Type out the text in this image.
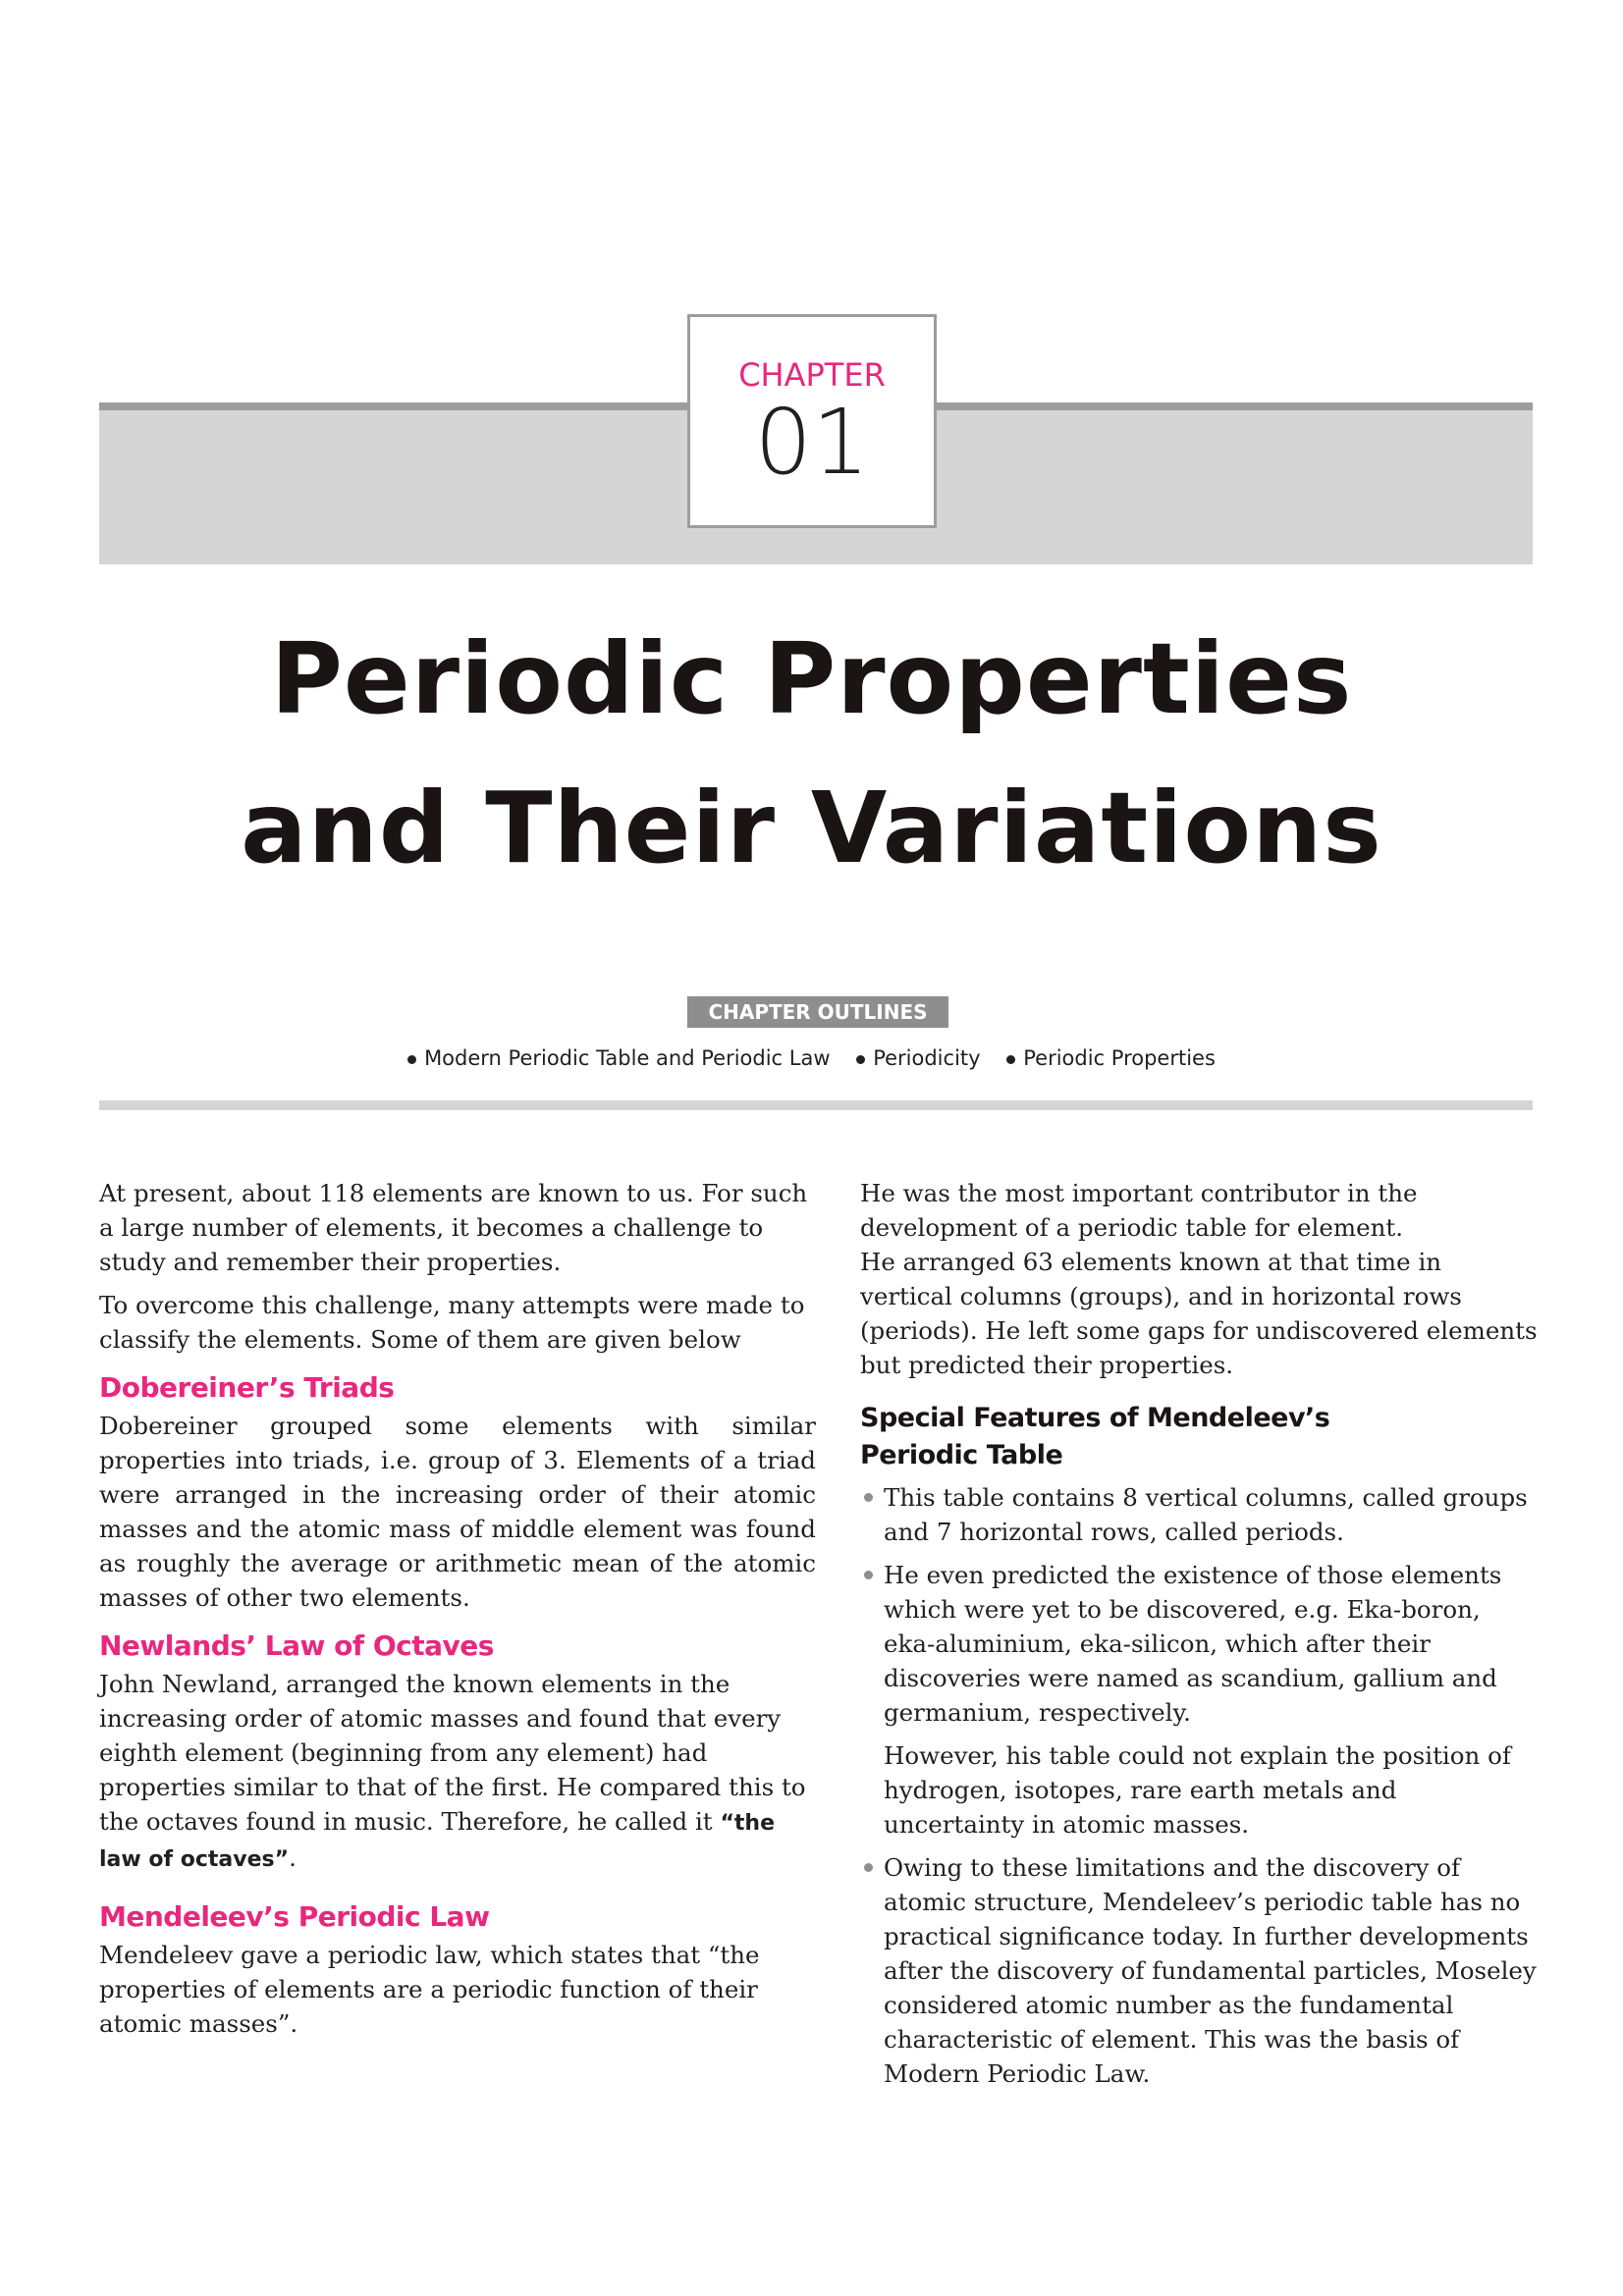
CHAPTER
01
Periodic Properties
and Their Variations
CHAPTER OUTLINES
Modern Periodic Table and Periodic Law Periodicity Periodic Properties

At present, about 118 elements are known to us. For such a large number of elements, it becomes a challenge to study and remember their properties.

To overcome this challenge, many attempts were made to classify the elements. Some of them are given below

Dobereiner’s Triads

Dobereiner grouped some elements with similar properties into triads, i.e. group of 3. Elements of a triad were arranged in the increasing order of their atomic masses and the atomic mass of middle element was found as roughly the average or arithmetic mean of the atomic masses of other two elements.

Newlands’ Law of Octaves

John Newland, arranged the known elements in the increasing order of atomic masses and found that every eighth element (beginning from any element) had properties similar to that of the first. He compared this to the octaves found in music. Therefore, he called it “the law of octaves”.

Mendeleev’s Periodic Law

Mendeleev gave a periodic law, which states that “the properties of elements are a periodic function of their atomic masses”.

He was the most important contributor in the development of a periodic table for element.

He arranged 63 elements known at that time in vertical columns (groups), and in horizontal rows (periods). He left some gaps for undiscovered elements but predicted their properties.

Special Features of Mendeleev’s
Periodic Table

This table contains 8 vertical columns, called groups and 7 horizontal rows, called periods.

He even predicted the existence of those elements which were yet to be discovered, e.g. Eka-boron, eka-aluminium, eka-silicon, which after their discoveries were named as scandium, gallium and germanium, respectively.

However, his table could not explain the position of hydrogen, isotopes, rare earth metals and uncertainty in atomic masses.

Owing to these limitations and the discovery of atomic structure, Mendeleev’s periodic table has no practical significance today. In further developments after the discovery of fundamental particles, Moseley considered atomic number as the fundamental characteristic of element. This was the basis of Modern Periodic Law.
